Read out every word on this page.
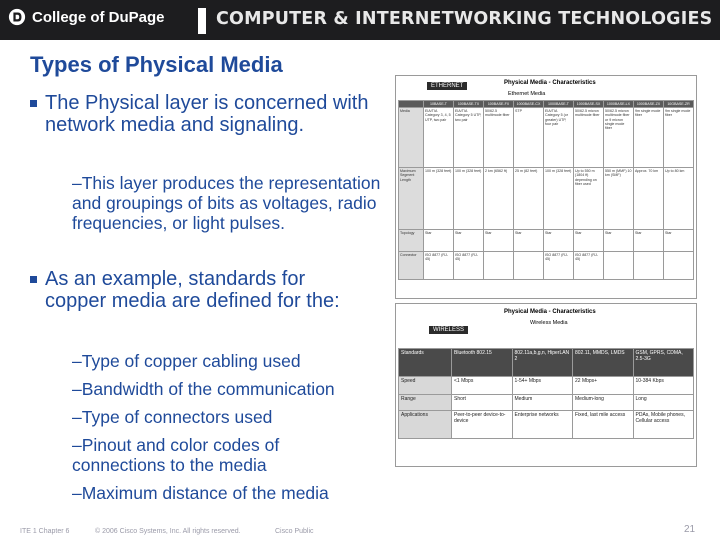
College of DuPage	COMPUTER & INTERNETWORKING TECHNOLOGIES
Types of Physical Media
The Physical layer is concerned with network media and signaling.
–This layer produces the representation and groupings of bits as voltages, radio frequencies, or light pulses.
As an example, standards for copper media are defined for the:
–Type of copper cabling used
–Bandwidth of the communication
–Type of connectors used
–Pinout and color codes of connections to the media
–Maximum distance of the media
ETHERNET	Physical Media - Characteristics
Ethernet Media
	10BASE-T	100BASE-TX	100BASE-FX	1000BASE-CX	1000BASE-T	1000BASE-SX	1000BASE-LX	1000BASE-ZX	10GBASE-ZR
Media	EIA/TIA Category 3, 4, 5 UTP, two pair	EIA/TIA Category 5 UTP, two pair	50/62.5 multimode fiber	STP	EIA/TIA Category 5 (or greater) UTP, four pair	50/62.5 micron multimode fiber	50/62.5 micron multimode fiber or 9 micron single mode fiber	9m single mode fiber	9m single mode fiber
Maximum Segment Length	100 m (328 feet)	100 m (328 feet)	2 km (6562 ft)	25 m (82 feet)	100 m (328 feet)	Up to 550 m (1804 ft) depending on fiber used	550 m (MMF) 10 km (SMF)	Approx. 70 km	Up to 80 km
Topology	Star	Star	Star	Star	Star	Star	Star	Star	Star
Connector	ISO 8877 (RJ-45)	ISO 8877 (RJ-45)			ISO 8877 (RJ-45)	ISO 8877 (RJ-45)			
WIRELESS
Physical Media - Characteristics
Wireless Media
Standards	Bluetooth 802.15	802.11a,b,g,n, HiperLAN 2	802.11, MMDS, LMDS	GSM, GPRS, CDMA, 2.5-3G
Speed	<1 Mbps	1-54+ Mbps	22 Mbps+	10-384 Kbps
Range	Short	Medium	Medium-long	Long
Applications	Peer-to-peer device-to-device	Enterprise networks	Fixed, last mile access	PDAs, Mobile phones, Cellular access
ITE 1 Chapter 6	© 2006 Cisco Systems, Inc. All rights reserved.	Cisco Public	21
